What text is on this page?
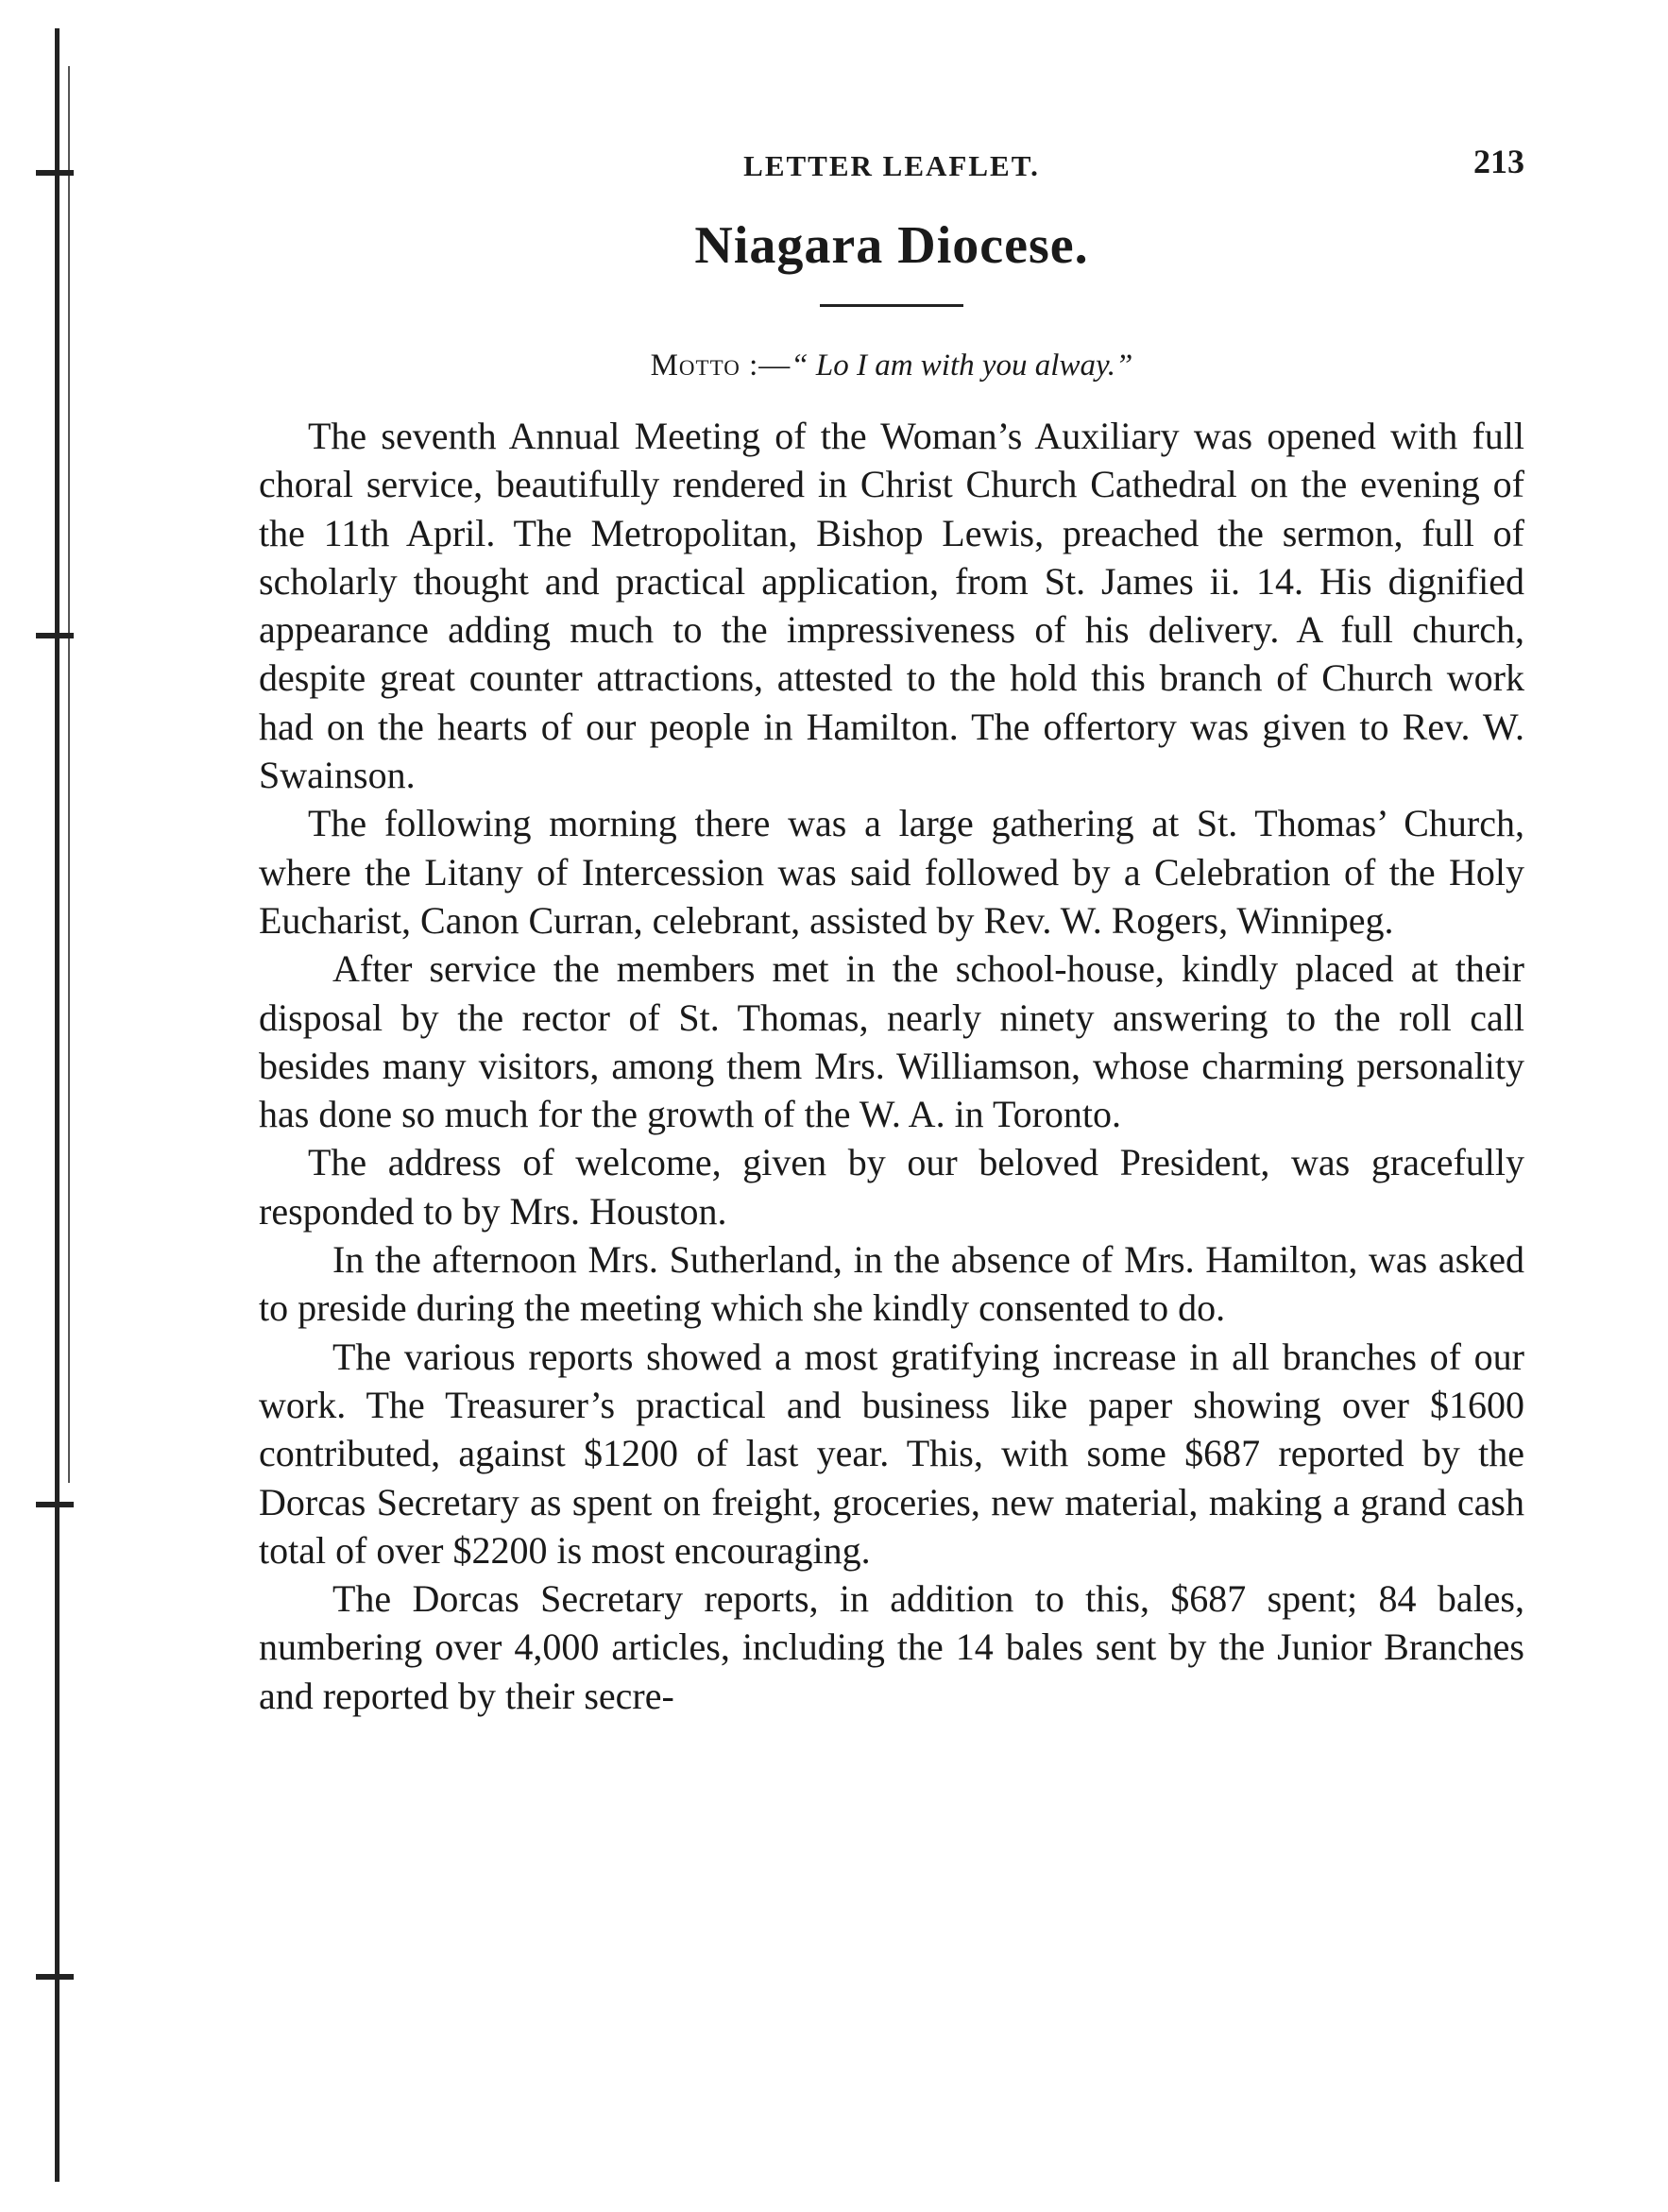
LETTER LEAFLET.	213
Niagara Diocese.
Motto :—“ Lo I am with you alway.”

The seventh Annual Meeting of the Woman’s Auxiliary was opened with full choral service, beautifully rendered in Christ Church Cathedral on the evening of the 11th April. The Metropolitan, Bishop Lewis, preached the sermon, full of scholarly thought and practical application, from St. James ii. 14. His dignified appearance adding much to the impressiveness of his delivery. A full church, despite great counter attractions, attested to the hold this branch of Church work had on the hearts of our people in Hamilton. The offertory was given to Rev. W. Swainson.

The following morning there was a large gathering at St. Thomas’ Church, where the Litany of Intercession was said followed by a Celebration of the Holy Eucharist, Canon Curran, celebrant, assisted by Rev. W. Rogers, Winnipeg.

After service the members met in the school-house, kindly placed at their disposal by the rector of St. Thomas, nearly ninety answering to the roll call besides many visitors, among them Mrs. Williamson, whose charming personality has done so much for the growth of the W. A. in Toronto.

The address of welcome, given by our beloved President, was gracefully responded to by Mrs. Houston.

In the afternoon Mrs. Sutherland, in the absence of Mrs. Hamilton, was asked to preside during the meeting which she kindly consented to do.

The various reports showed a most gratifying increase in all branches of our work. The Treasurer’s practical and business like paper showing over $1600 contributed, against $1200 of last year. This, with some $687 reported by the Dorcas Secretary as spent on freight, groceries, new material, making a grand cash total of over $2200 is most encouraging.

The Dorcas Secretary reports, in addition to this, $687 spent; 84 bales, numbering over 4,000 articles, including the 14 bales sent by the Junior Branches and reported by their secre-
